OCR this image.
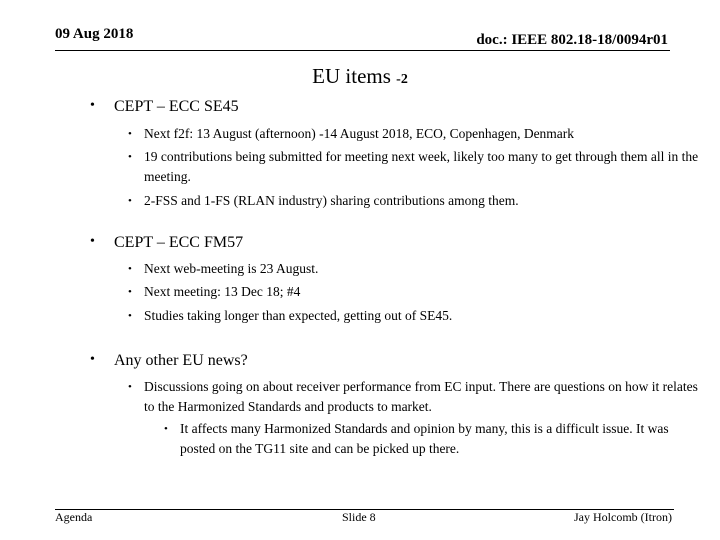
09 Aug 2018	doc.: IEEE 802.18-18/0094r01
EU items -2
• CEPT – ECC SE45
• Next f2f: 13 August (afternoon) -14 August 2018, ECO, Copenhagen, Denmark
• 19 contributions being submitted for meeting next week, likely too many to get through them all in the meeting.
• 2-FSS and 1-FS (RLAN industry) sharing contributions among them.
• CEPT – ECC FM57
• Next web-meeting is 23 August.
• Next meeting: 13 Dec 18; #4
• Studies taking longer than expected, getting out of SE45.
• Any other EU news?
• Discussions going on about receiver performance from EC input. There are questions on how it relates to the Harmonized Standards and products to market.
• It affects many Harmonized Standards and opinion by many, this is a difficult issue. It was posted on the TG11 site and can be picked up there.
Agenda	Slide 8	Jay Holcomb (Itron)
